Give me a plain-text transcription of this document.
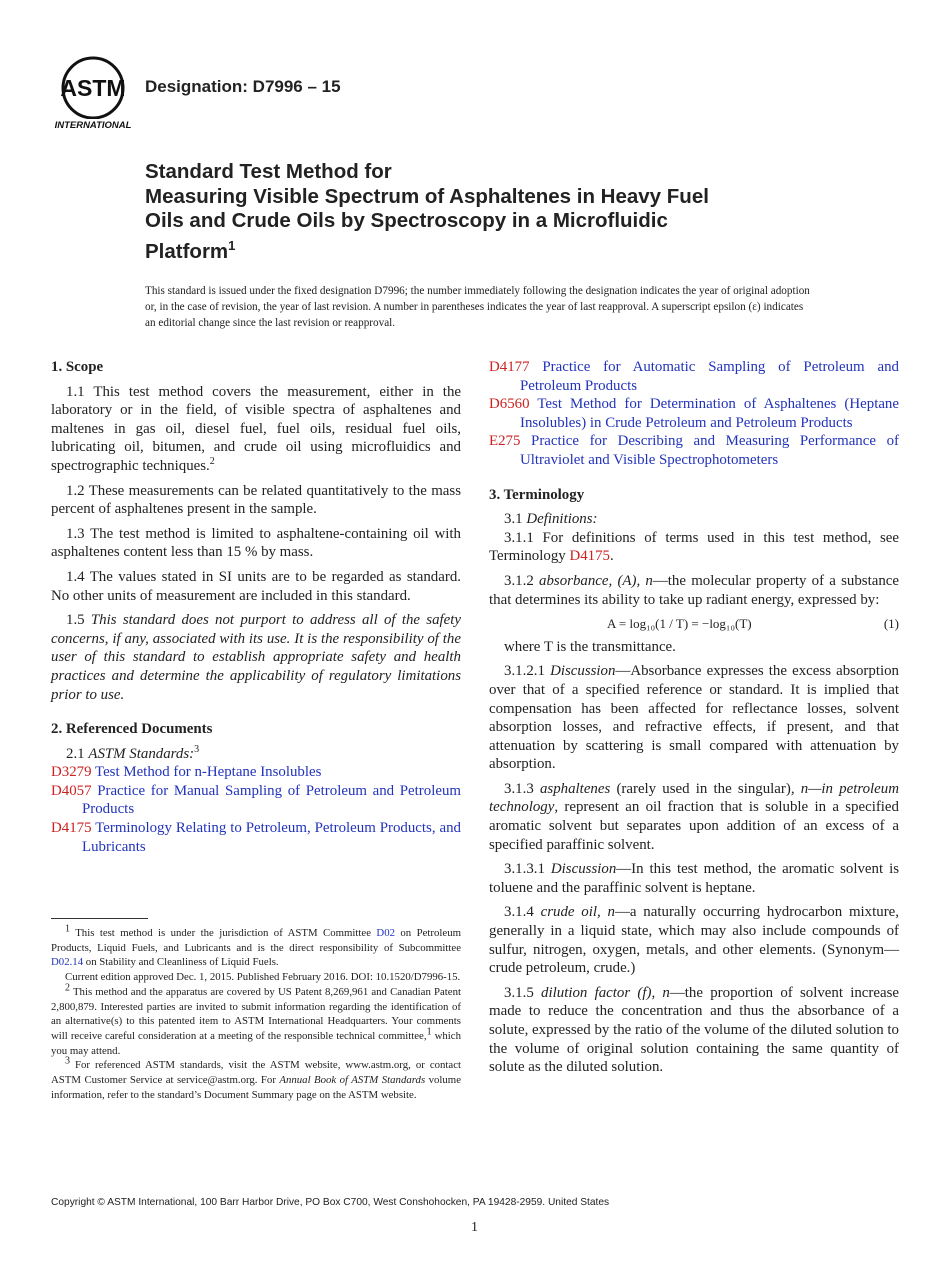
ASTM
INTERNATIONAL
Designation: D7996 – 15
Standard Test Method for
Measuring Visible Spectrum of Asphaltenes in Heavy Fuel
Oils and Crude Oils by Spectroscopy in a Microfluidic
Platform$^1$
This standard is issued under the fixed designation D7996; the number immediately following the designation indicates the year of original adoption or, in the case of revision, the year of last revision. A number in parentheses indicates the year of last reapproval. A superscript epsilon (ε) indicates an editorial change since the last revision or reapproval.

1. Scope

1.1 This test method covers the measurement, either in the laboratory or in the field, of visible spectra of asphaltenes and maltenes in gas oil, diesel fuel, fuel oils, residual fuel oils, lubricating oil, bitumen, and crude oil using microfluidics and spectrographic techniques.$^2$

1.2 These measurements can be related quantitatively to the mass percent of asphaltenes present in the sample.

1.3 The test method is limited to asphaltene-containing oil with asphaltenes content less than 15 % by mass.

1.4 The values stated in SI units are to be regarded as standard. No other units of measurement are included in this standard.

1.5 This standard does not purport to address all of the safety concerns, if any, associated with its use. It is the responsibility of the user of this standard to establish appropriate safety and health practices and determine the applicability of regulatory limitations prior to use.

2. Referenced Documents

2.1 ASTM Standards:$^3$

D3279 Test Method for n-Heptane Insolubles

D4057 Practice for Manual Sampling of Petroleum and Petroleum Products

D4175 Terminology Relating to Petroleum, Petroleum Products, and Lubricants

1 This test method is under the jurisdiction of ASTM Committee D02 on Petroleum Products, Liquid Fuels, and Lubricants and is the direct responsibility of Subcommittee D02.14 on Stability and Cleanliness of Liquid Fuels.

Current edition approved Dec. 1, 2015. Published February 2016. DOI: 10.1520/D7996-15.

2 This method and the apparatus are covered by US Patent 8,269,961 and Canadian Patent 2,800,879. Interested parties are invited to submit information regarding the identification of an alternative(s) to this patented item to ASTM International Headquarters. Your comments will receive careful consideration at a meeting of the responsible technical committee,1 which you may attend.

3 For referenced ASTM standards, visit the ASTM website, www.astm.org, or contact ASTM Customer Service at service@astm.org. For Annual Book of ASTM Standards volume information, refer to the standard’s Document Summary page on the ASTM website.

D4177 Practice for Automatic Sampling of Petroleum and Petroleum Products

D6560 Test Method for Determination of Asphaltenes (Heptane Insolubles) in Crude Petroleum and Petroleum Products

E275 Practice for Describing and Measuring Performance of Ultraviolet and Visible Spectrophotometers

3. Terminology

3.1 Definitions:

3.1.1 For definitions of terms used in this test method, see Terminology D4175.

3.1.2 absorbance, (A), n—the molecular property of a substance that determines its ability to take up radiant energy, expressed by:

A = log₁₀(1 / T) = −log₁₀(T)	(1)

where T is the transmittance.

3.1.2.1 Discussion—Absorbance expresses the excess absorption over that of a specified reference or standard. It is implied that compensation has been affected for reflectance losses, solvent absorption losses, and refractive effects, if present, and that attenuation by scattering is small compared with attenuation by absorption.

3.1.3 asphaltenes (rarely used in the singular), n—in petroleum technology, represent an oil fraction that is soluble in a specified aromatic solvent but separates upon addition of an excess of a specified paraffinic solvent.

3.1.3.1 Discussion—In this test method, the aromatic solvent is toluene and the paraffinic solvent is heptane.

3.1.4 crude oil, n—a naturally occurring hydrocarbon mixture, generally in a liquid state, which may also include compounds of sulfur, nitrogen, oxygen, metals, and other elements. (Synonym—crude petroleum, crude.)

3.1.5 dilution factor (f), n—the proportion of solvent increase made to reduce the concentration and thus the absorbance of a solute, expressed by the ratio of the volume of the diluted solution to the volume of original solution containing the same quantity of solute as the diluted solution.

Copyright © ASTM International, 100 Barr Harbor Drive, PO Box C700, West Conshohocken, PA 19428-2959. United States
1
